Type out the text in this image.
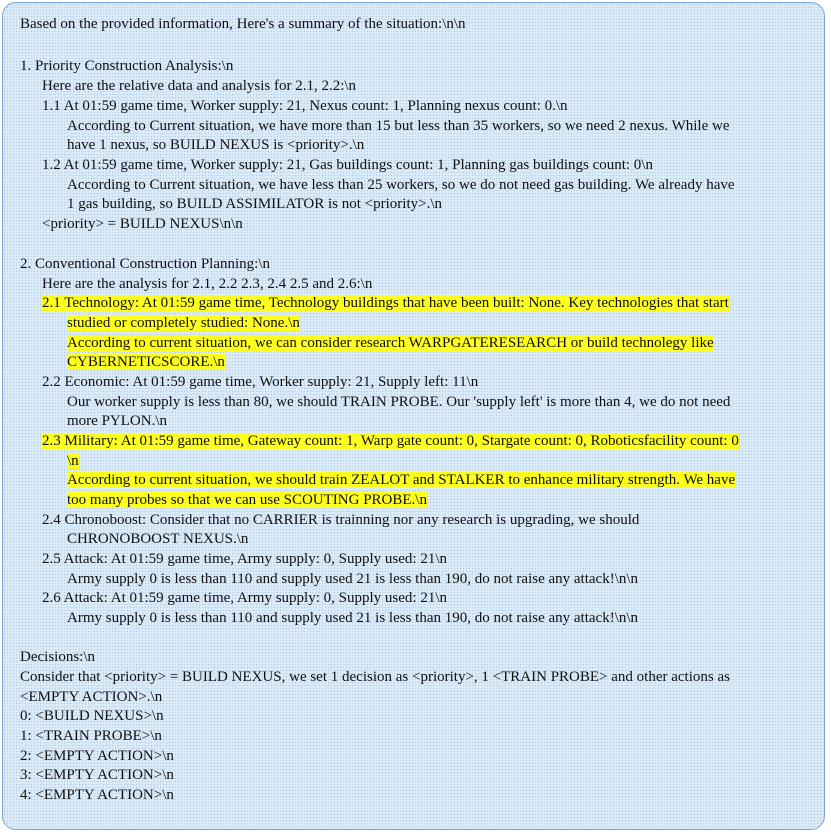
Based on the provided information, Here's a summary of the situation:\n\n
1. Priority Construction Analysis:\n
Here are the relative data and analysis for 2.1, 2.2:\n
1.1 At 01:59 game time, Worker supply: 21, Nexus count: 1, Planning nexus count: 0.\n
According to Current situation, we have more than 15 but less than 35 workers, so we need 2 nexus. While we
have 1 nexus, so BUILD NEXUS is <priority>.\n
1.2 At 01:59 game time, Worker supply: 21, Gas buildings count: 1, Planning gas buildings count: 0\n
According to Current situation, we have less than 25 workers, so we do not need gas building. We already have
1 gas building, so BUILD ASSIMILATOR is not <priority>.\n
<priority> = BUILD NEXUS\n\n
2. Conventional Construction Planning:\n
Here are the analysis for 2.1, 2.2 2.3, 2.4 2.5 and 2.6:\n
2.1 Technology: At 01:59 game time, Technology buildings that have been built: None. Key technologies that start
studied or completely studied: None.\n
According to current situation, we can consider research WARPGATERESEARCH or build technolegy like
CYBERNETICSCORE.\n
2.2 Economic: At 01:59 game time, Worker supply: 21, Supply left: 11\n
Our worker supply is less than 80, we should TRAIN PROBE. Our 'supply left' is more than 4, we do not need
more PYLON.\n
2.3 Military: At 01:59 game time, Gateway count: 1, Warp gate count: 0, Stargate count: 0, Roboticsfacility count: 0
\n
According to current situation, we should train ZEALOT and STALKER to enhance military strength. We have
too many probes so that we can use SCOUTING PROBE.\n
2.4 Chronoboost: Consider that no CARRIER is trainning nor any research is upgrading, we should
CHRONOBOOST NEXUS.\n
2.5 Attack: At 01:59 game time, Army supply: 0, Supply used: 21\n
Army supply 0 is less than 110 and supply used 21 is less than 190, do not raise any attack!\n\n
2.6 Attack: At 01:59 game time, Army supply: 0, Supply used: 21\n
Army supply 0 is less than 110 and supply used 21 is less than 190, do not raise any attack!\n\n
Decisions:\n
Consider that <priority> = BUILD NEXUS, we set 1 decision as <priority>, 1 <TRAIN PROBE> and other actions as
<EMPTY ACTION>.\n
0: <BUILD NEXUS>\n
1: <TRAIN PROBE>\n
2: <EMPTY ACTION>\n
3: <EMPTY ACTION>\n
4: <EMPTY ACTION>\n
